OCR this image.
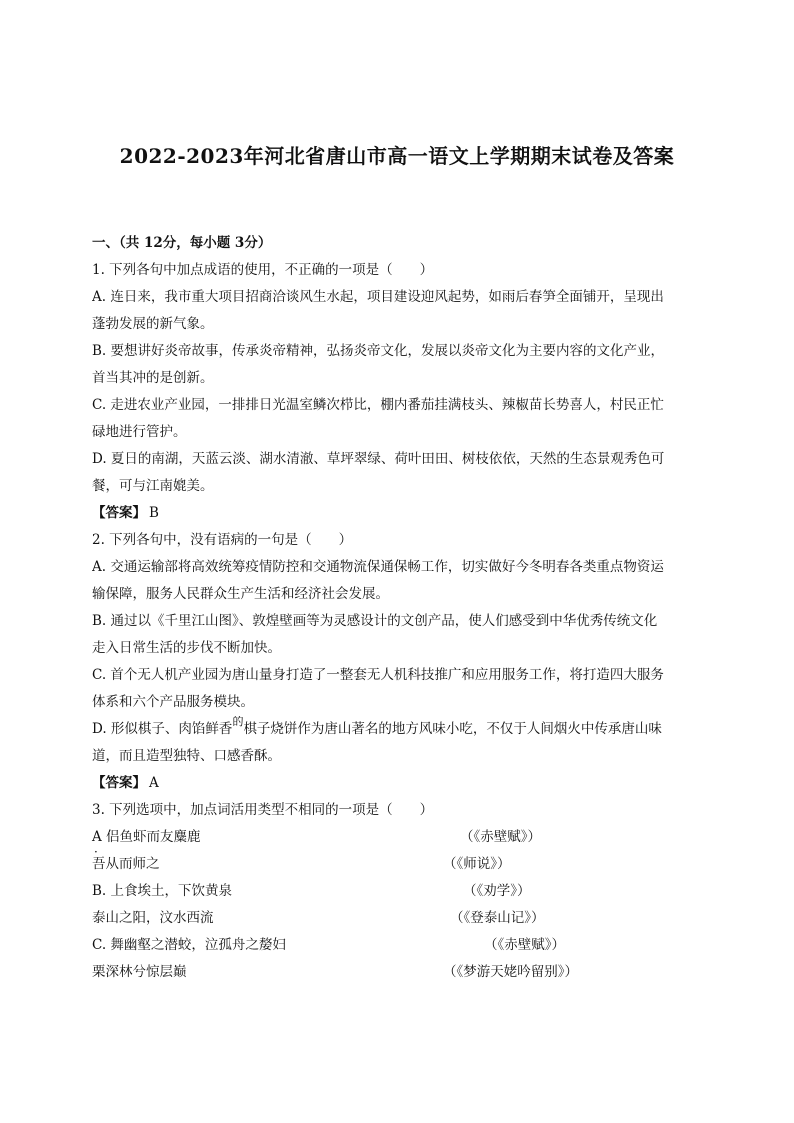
2022-2023年河北省唐山市高一语文上学期期末试卷及答案
一、（共 12分，每小题 3分）
1. 下列各句中加点成语的使用，不正确的一项是（　　）
A. 连日来，我市重大项目招商洽谈风生水起，项目建设迎风起势，如雨后春笋全面铺开，呈现出
蓬勃发展的新气象。
B. 要想讲好炎帝故事，传承炎帝精神，弘扬炎帝文化，发展以炎帝文化为主要内容的文化产业，
首当其冲的是创新。
C. 走进农业产业园，一排排日光温室鳞次栉比，棚内番茄挂满枝头、辣椒苗长势喜人，村民正忙
碌地进行管护。
D. 夏日的南湖，天蓝云淡、湖水清澈、草坪翠绿、荷叶田田、树枝依依，天然的生态景观秀色可
餐，可与江南媲美。
【答案】 B
2. 下列各句中，没有语病的一句是（　　）
A. 交通运输部将高效统筹疫情防控和交通物流保通保畅工作，切实做好今冬明春各类重点物资运
输保障，服务人民群众生产生活和经济社会发展。
B. 通过以《千里江山图》、敦煌壁画等为灵感设计的文创产品，使人们感受到中华优秀传统文化
走入日常生活的步伐不断加快。
C. 首个无人机产业园为唐山量身打造了一整套无人机科技推广和应用服务工作，将打造四大服务
体系和六个产品服务模块。
D. 形似棋子、肉馅鲜香$^的$棋子烧饼作为唐山著名的地方风味小吃，不仅于人间烟火中传承唐山味
道，而且造型独特、口感香酥。
【答案】 A
3. 下列选项中，加点词活用类型不相同的一项是（　　）
A 侣鱼虾而友麋鹿 ·	（《赤壁赋》）
吾从而师之	（《师说》）
B. 上食埃土，下饮黄泉	（《劝学》）
泰山之阳，汶水西流	（《登泰山记》）
C. 舞幽壑之潜蛟，泣孤舟之嫠妇	（《赤壁赋》）
栗深林兮惊层巅	（《梦游天姥吟留别》）
